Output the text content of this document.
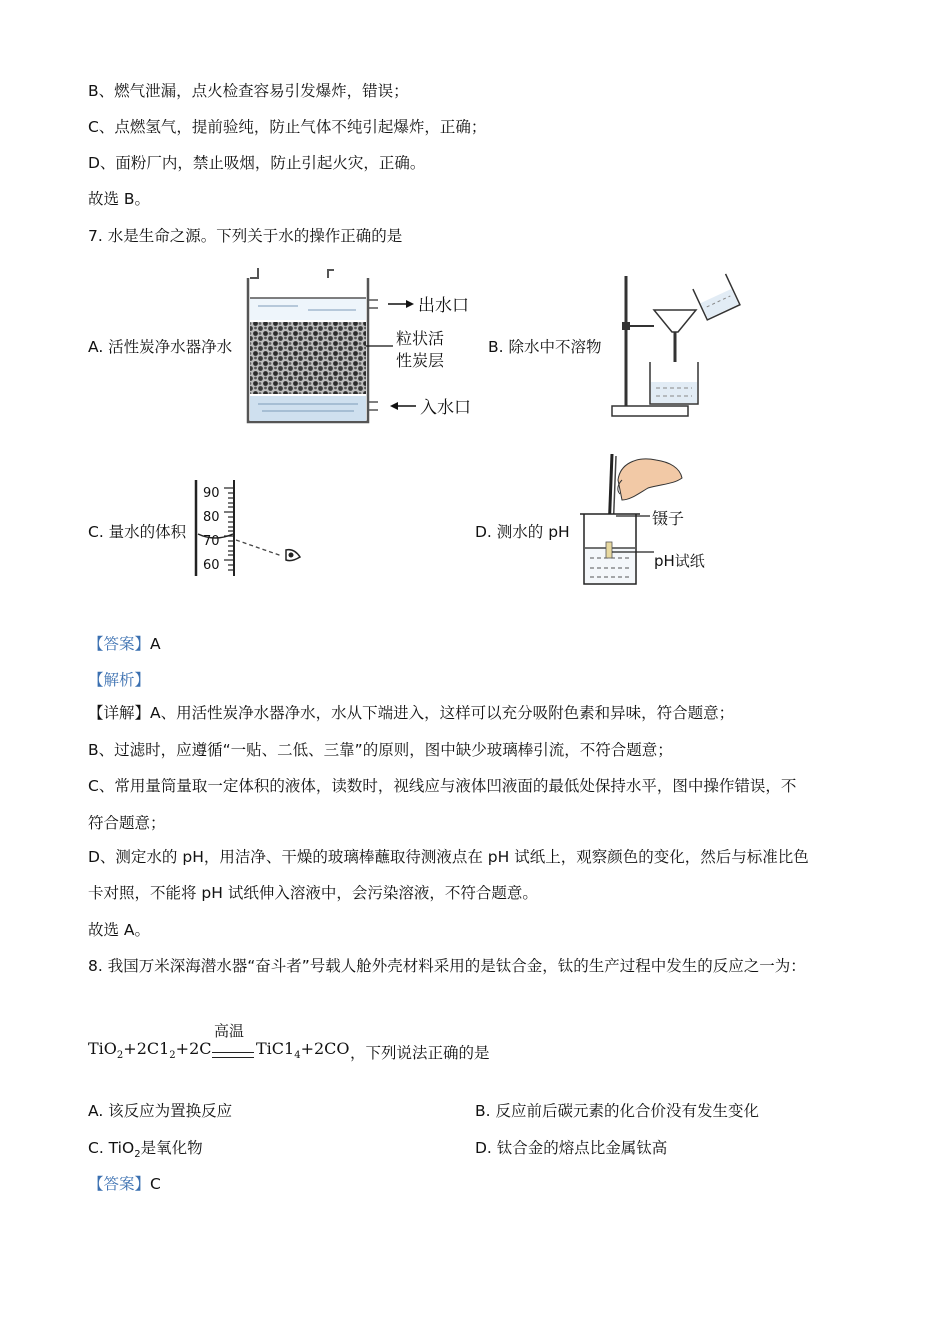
B、燃气泄漏，点火检查容易引发爆炸，错误；
C、点燃氢气，提前验纯，防止气体不纯引起爆炸，正确；
D、面粉厂内，禁止吸烟，防止引起火灾，正确。
故选 B。
7. 水是生命之源。下列关于水的操作正确的是
A. 活性炭净水器净水
出水口
粒状活
性炭层
入水口
B. 除水中不溶物
C. 量水的体积
90
80
70
60
D. 测水的 pH
镊子
pH试纸
【答案】A
【解析】
【详解】A、用活性炭净水器净水，水从下端进入，这样可以充分吸附色素和异味，符合题意；
B、过滤时，应遵循“一贴、二低、三靠”的原则，图中缺少玻璃棒引流，不符合题意；
C、常用量筒量取一定体积的液体，读数时，视线应与液体凹液面的最低处保持水平，图中操作错误，不
符合题意；
D、测定水的 pH，用洁净、干燥的玻璃棒蘸取待测液点在 pH 试纸上，观察颜色的变化，然后与标准比色
卡对照，不能将 pH 试纸伸入溶液中，会污染溶液，不符合题意。
故选 A。
8. 我国万米深海潜水器“奋斗者”号载人舱外壳材料采用的是钛合金，钛的生产过程中发生的反应之一为：
$TiO_2+2C1_2+2C$
高温
$TiC1_4+2CO$ ，下列说法正确的是
A. 该反应为置换反应	B. 反应前后碳元素的化合价没有发生变化
C. TiO$_2$是氧化物	D. 钛合金的熔点比金属钛高
【答案】C
